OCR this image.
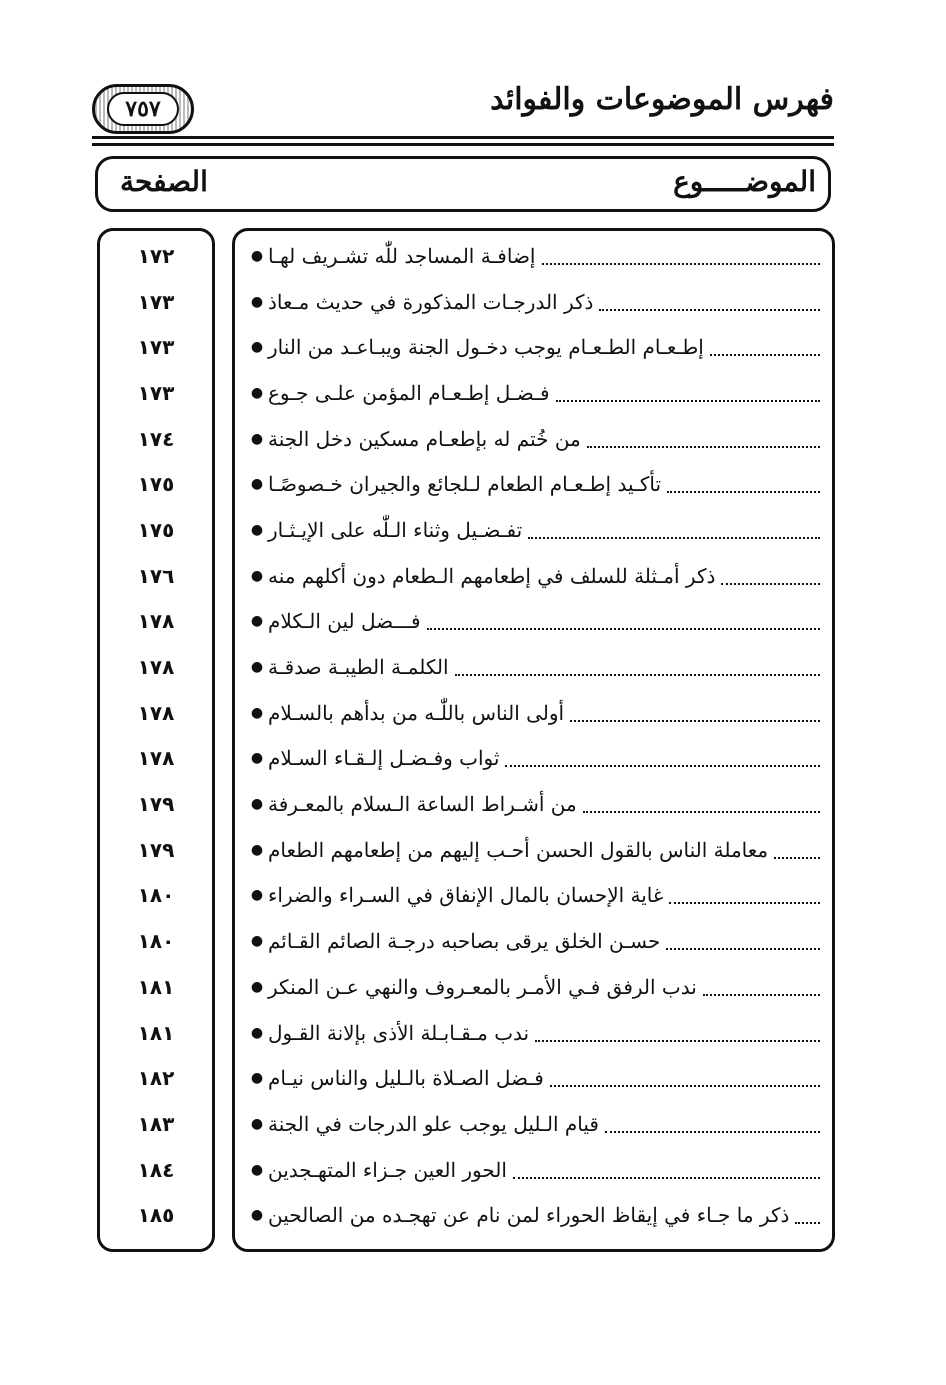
فهرس الموضوعات والفوائد
٧٥٧
الموضـــــوع
الصفحة
● إضافـة المساجد للّٰه تشـريف لهـا
● ذكر الدرجـات المذكورة في حديث مـعاذ
● إطـعـام الطـعـام يوجب دخـول الجنة ويبـاعـد من النار
● فـضـل إطـعـام المؤمن علـى جـوع
● من خُتم له بإطعـام مسكين دخل الجنة
● تأكـيد إطـعـام الطعام لـلجائع والجيران خـصوصًـا
● تفـضـيل وثناء الـلّٰه على الإيـثـار
● ذكر أمـثلة للسلف في إطعامهم الـطعام دون أكلهم منه
● فـــضل لين الـكلام
● الكلمـة الطيبـة صدقـة
● أولى الناس باللّٰـه من بدأهم بالسـلام
● ثواب وفـضـل إلـقـاء السـلام
● من أشـراط الساعة الـسلام بالمعـرفة
● معاملة الناس بالقول الحسن أحـب إليهم من إطعامهم الطعام
● غاية الإحسان بالمال الإنفاق في السـراء والضراء
● حسـن الخلق يرقى بصاحبه درجـة الصائم القـائم
● ندب الرفق فـي الأمـر بالمعـروف والنهي عـن المنكر
● ندب مـقـابـلة الأذى بإلانة القـول
● فـضل الصـلاة بالـليل والناس نيـام
● قيام الـليل يوجب علو الدرجات في الجنة
● الحور العين جـزاء المتهـجدين
● ذكر ما جـاء في إيقاظ الحوراء لمن نام عن تهجـده من الصالحين
١٧٢
١٧٣
١٧٣
١٧٣
١٧٤
١٧٥
١٧٥
١٧٦
١٧٨
١٧٨
١٧٨
١٧٨
١٧٩
١٧٩
١٨٠
١٨٠
١٨١
١٨١
١٨٢
١٨٣
١٨٤
١٨٥
